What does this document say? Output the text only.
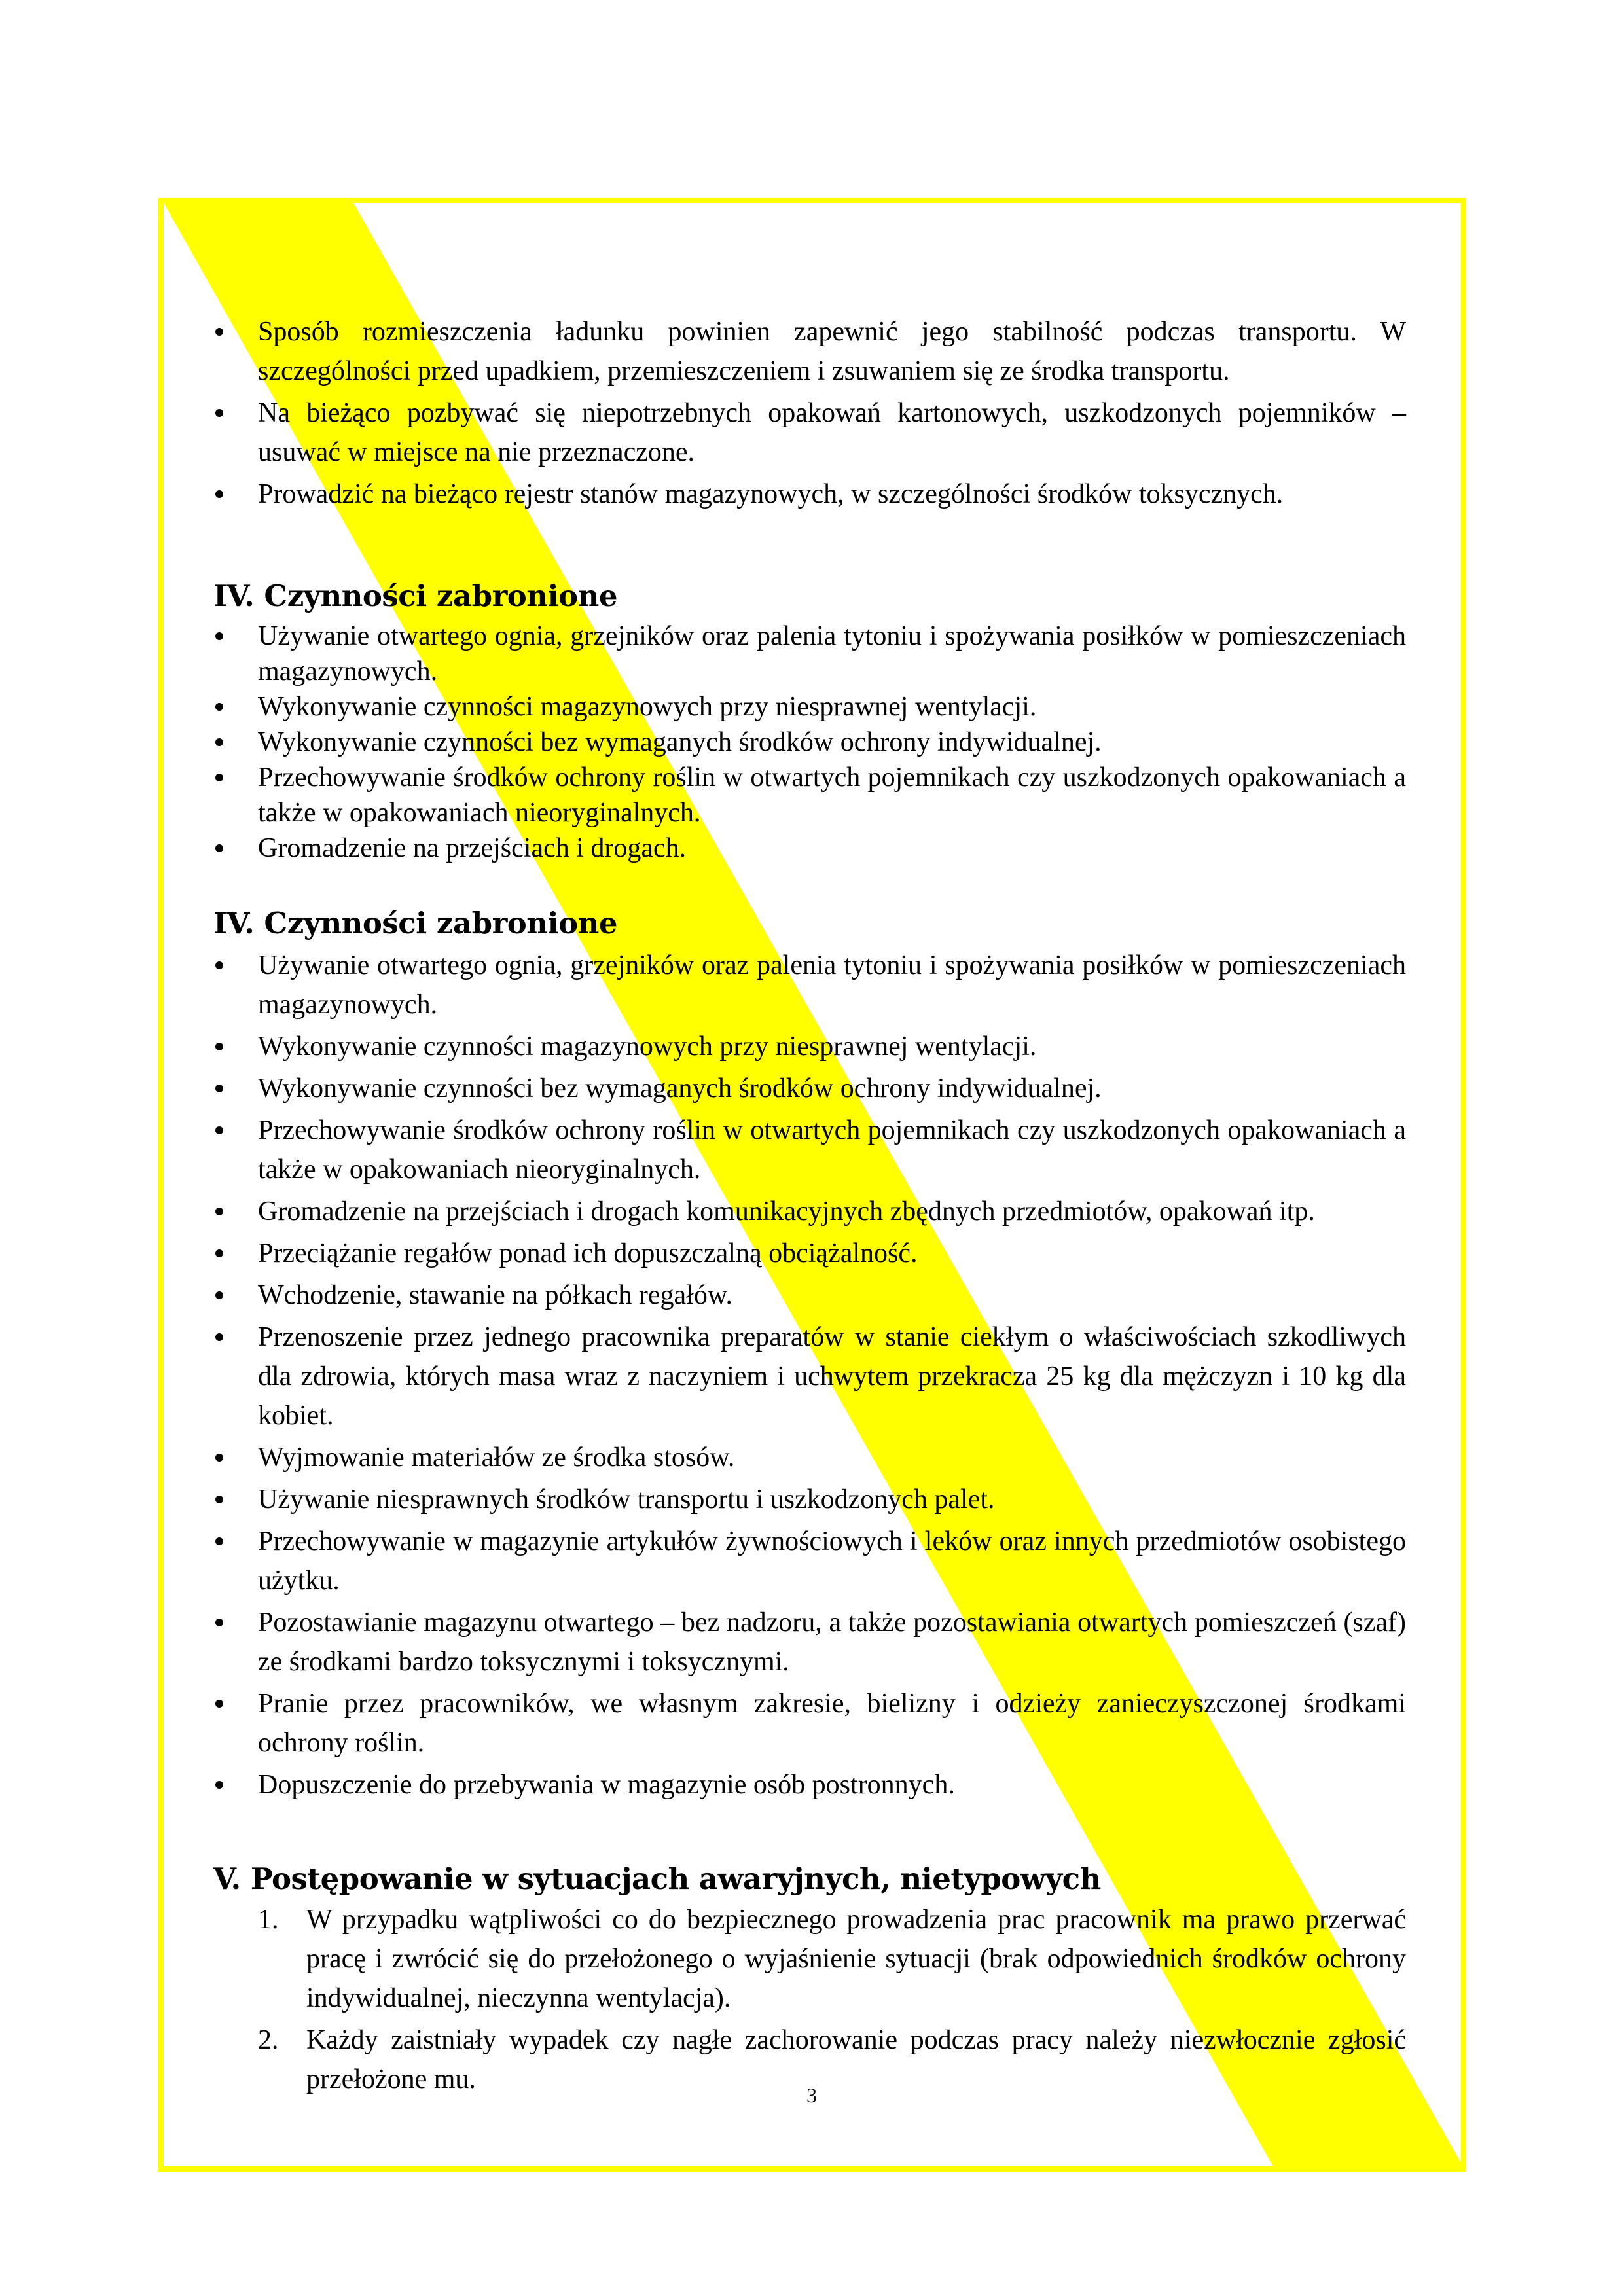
Sposób rozmieszczenia ładunku powinien zapewnić jego stabilność podczas transportu. W szczególności przed upadkiem, przemieszczeniem i zsuwaniem się ze środka transportu.
Na bieżąco pozbywać się niepotrzebnych opakowań kartonowych, uszkodzonych pojemników – usuwać w miejsce na nie przeznaczone.
Prowadzić na bieżąco rejestr stanów magazynowych, w szczególności środków toksycznych.
IV. Czynności zabronione
Używanie otwartego ognia, grzejników oraz palenia tytoniu i spożywania posiłków w pomieszczeniach magazynowych.
Wykonywanie czynności magazynowych przy niesprawnej wentylacji.
Wykonywanie czynności bez wymaganych środków ochrony indywidualnej.
Przechowywanie środków ochrony roślin w otwartych pojemnikach czy uszkodzonych opakowaniach a także w opakowaniach nieoryginalnych.
Gromadzenie na przejściach i drogach.
IV. Czynności zabronione
Używanie otwartego ognia, grzejników oraz palenia tytoniu i spożywania posiłków w pomieszczeniach magazynowych.
Wykonywanie czynności magazynowych przy niesprawnej wentylacji.
Wykonywanie czynności bez wymaganych środków ochrony indywidualnej.
Przechowywanie środków ochrony roślin w otwartych pojemnikach czy uszkodzonych opakowaniach a także w opakowaniach nieoryginalnych.
Gromadzenie na przejściach i drogach komunikacyjnych zbędnych przedmiotów, opakowań itp.
Przeciążanie regałów ponad ich dopuszczalną obciążalność.
Wchodzenie, stawanie na półkach regałów.
Przenoszenie przez jednego pracownika preparatów w stanie ciekłym o właściwościach szkodliwych dla zdrowia, których masa wraz z naczyniem i uchwytem przekracza 25 kg dla mężczyzn i 10 kg dla kobiet.
Wyjmowanie materiałów ze środka stosów.
Używanie niesprawnych środków transportu i uszkodzonych palet.
Przechowywanie w magazynie artykułów żywnościowych i leków oraz innych przedmiotów osobistego użytku.
Pozostawianie magazynu otwartego – bez nadzoru, a także pozostawiania otwartych pomieszczeń (szaf) ze środkami bardzo toksycznymi i toksycznymi.
Pranie przez pracowników, we własnym zakresie, bielizny i odzieży zanieczyszczonej środkami ochrony roślin.
Dopuszczenie do przebywania w magazynie osób postronnych.
V. Postępowanie w sytuacjach awaryjnych, nietypowych
1. W przypadku wątpliwości co do bezpiecznego prowadzenia prac pracownik ma prawo przerwać pracę i zwrócić się do przełożonego o wyjaśnienie sytuacji (brak odpowiednich środków ochrony indywidualnej, nieczynna wentylacja).
2. Każdy zaistniały wypadek czy nagłe zachorowanie podczas pracy należy niezwłocznie zgłosić przełożone mu.
3
